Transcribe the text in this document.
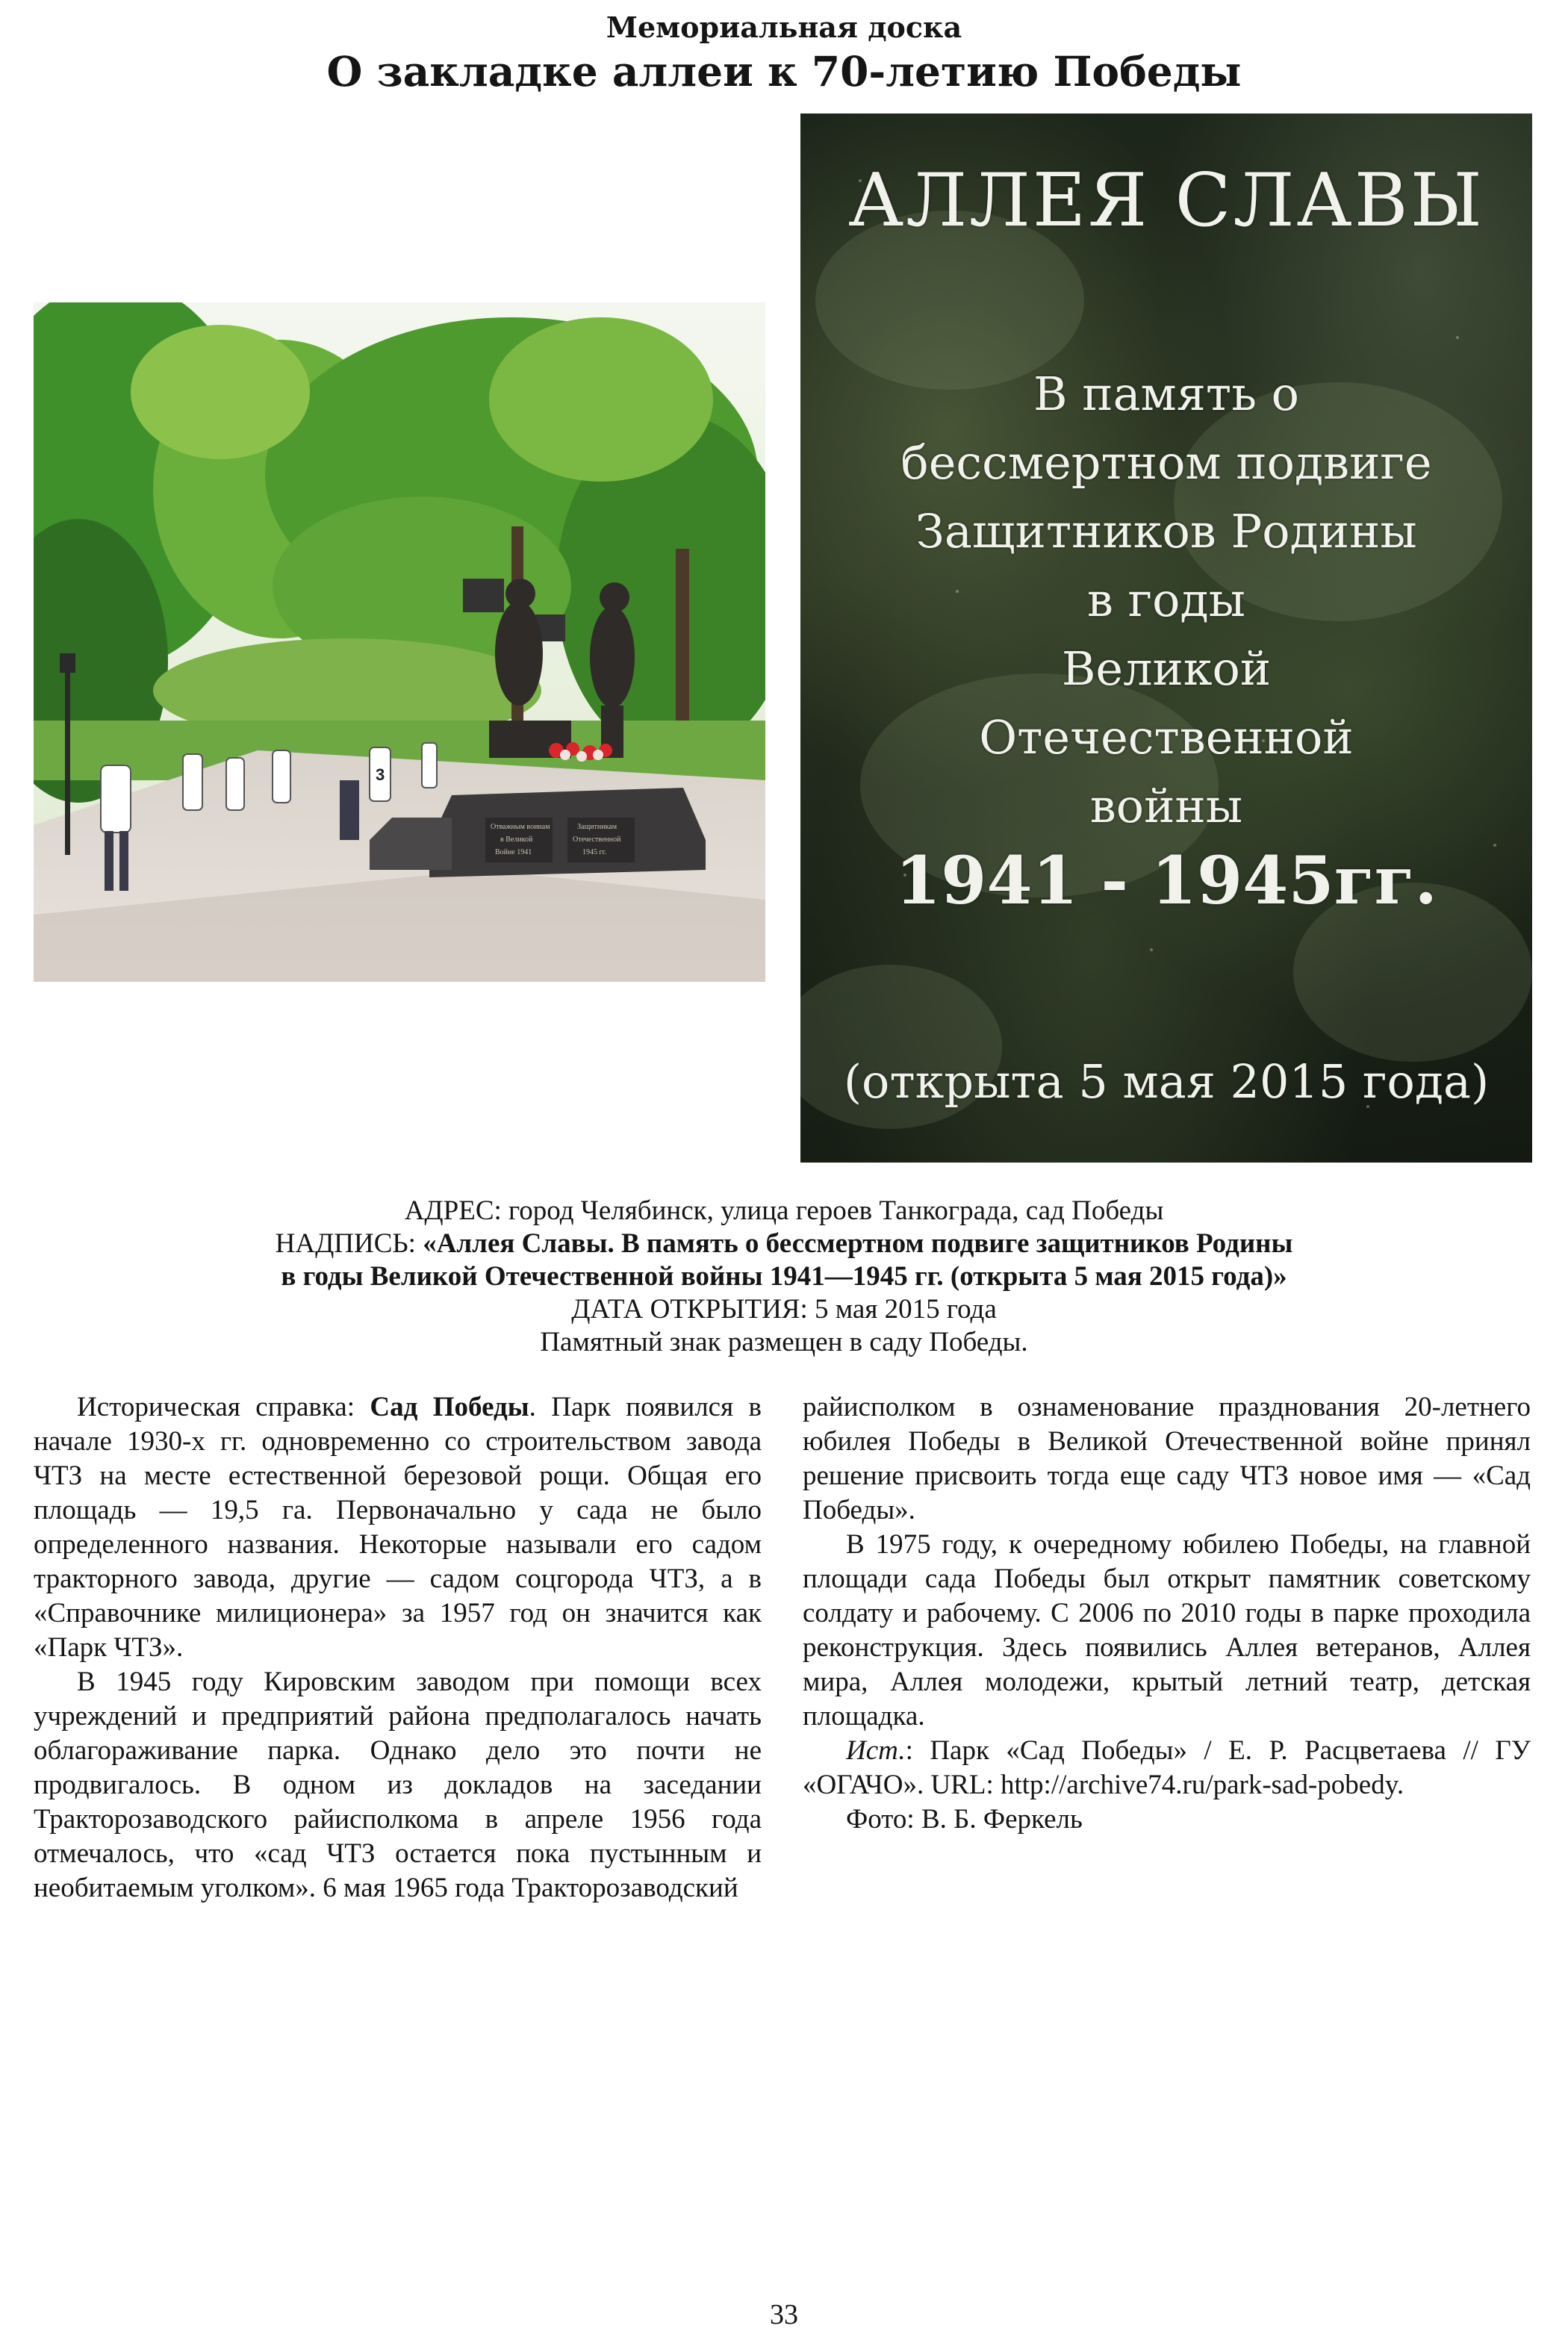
Мемориальная доска
О закладке аллеи к 70-летию Победы
3
Отважным воинам
в Великой
Войне 1941
Защитникам
Отечественной
1945 гг.
АЛЛЕЯ СЛАВЫ
В память о
бессмертном подвиге
Защитников Родины
в годы
Великой
Отечественной
войны
1941 - 1945гг.
(открыта 5 мая 2015 года)
АДРЕС: город Челябинск, улица героев Танкограда, сад Победы
НАДПИСЬ: «Аллея Славы. В память о бессмертном подвиге защитников Родины
в годы Великой Отечественной войны 1941—1945 гг. (открыта 5 мая 2015 года)»
ДАТА ОТКРЫТИЯ: 5 мая 2015 года
Памятный знак размещен в саду Победы.

Историческая справка: Сад Победы. Парк появился в начале 1930-х гг. одновременно со строительством завода ЧТЗ на месте естественной березовой рощи. Общая его площадь — 19,5 га. Первоначально у сада не было определенного названия. Некоторые называли его садом тракторного завода, другие — садом соцгорода ЧТЗ, а в «Справочнике милиционера» за 1957 год он значится как «Парк ЧТЗ».

В 1945 году Кировским заводом при помощи всех учреждений и предприятий района предполагалось начать облагораживание парка. Однако дело это почти не продвигалось. В одном из докладов на заседании Тракторозаводского райисполкома в апреле 1956 года отмечалось, что «сад ЧТЗ остается пока пустынным и необитаемым уголком». 6 мая 1965 года Тракторозаводский

райисполком в ознаменование празднования 20-летнего юбилея Победы в Великой Отечественной войне принял решение присвоить тогда еще саду ЧТЗ новое имя — «Сад Победы».

В 1975 году, к очередному юбилею Победы, на главной площади сада Победы был открыт памятник советскому солдату и рабочему. С 2006 по 2010 годы в парке проходила реконструкция. Здесь появились Аллея ветеранов, Аллея мира, Аллея молодежи, крытый летний театр, детская площадка.

Ист.: Парк «Сад Победы» / Е. Р. Расцветаева // ГУ «ОГАЧО». URL: http://archive74.ru/park-sad-pobedy.

Фото: В. Б. Феркель

33
